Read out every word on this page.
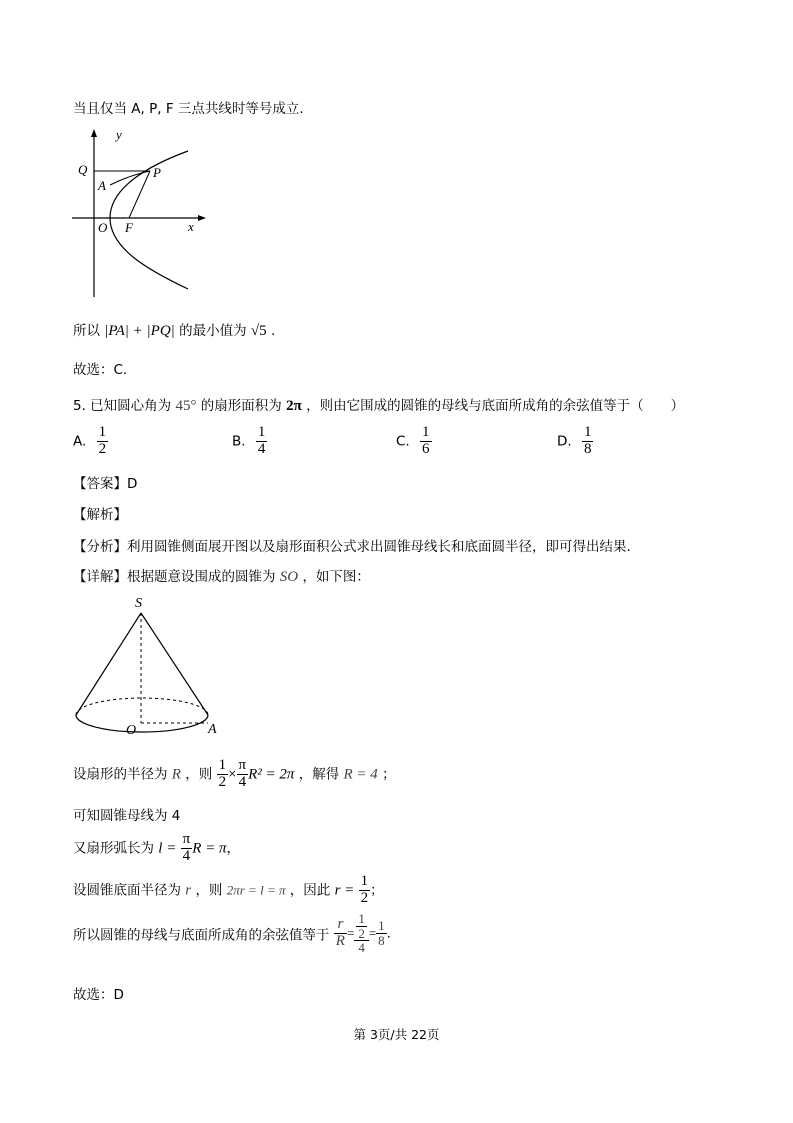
当且仅当 A, P, F 三点共线时等号成立.
y
x
Q
A
P
O F
所以 |PA| + |PQ| 的最小值为 √5 .
故选：C.
5. 已知圆心角为 45° 的扇形面积为 2π ，则由它围成的圆锥的母线与底面所成角的余弦值等于（　　）
A. $\frac{1}{2}$	B. $\frac{1}{4}$	C. $\frac{1}{6}$	D. $\frac{1}{8}$
【答案】D
【解析】
【分析】利用圆锥侧面展开图以及扇形面积公式求出圆锥母线长和底面圆半径，即可得出结果.
【详解】根据题意设围成的圆锥为 SO ，如下图：
S
O	A
设扇形的半径为 R ，则 $\frac{1}{2} \times \frac{\pi}{4} R^2 = 2\pi$ ，解得 R = 4 ；
可知圆锥母线为 4
又扇形弧长为 $l = \frac{\pi}{4}$ R = π，
设圆锥底面半径为 r ，则 2πr = l = π ，因此 $r = \frac{1}{2}$ ；
所以圆锥的母线与底面所成角的余弦值等于 $\frac{r}{R} = \frac{\frac{1}{2}}{4} = \frac{1}{8}$ .
故选：D
第 3页/共 22页
